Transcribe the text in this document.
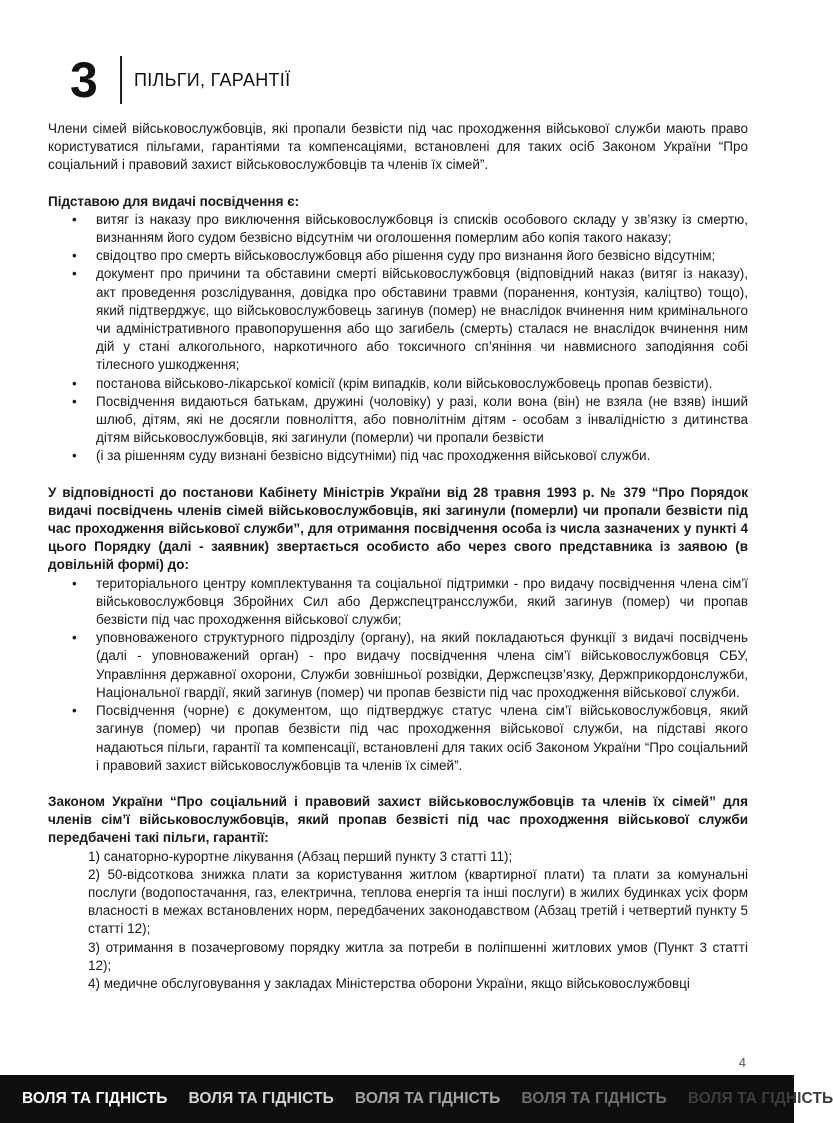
3	ПІЛЬГИ, ГАРАНТІЇ

Члени сімей військовослужбовців, які пропали безвісти під час проходження військової служби мають право користуватися пільгами, гарантіями та компенсаціями, встановлені для таких осіб Законом України “Про соціальний і правовий захист військовослужбовців та членів їх сімей”.

Підставою для видачі посвідчення є:

• витяг із наказу про виключення військовослужбовця із списків особового складу у зв’язку із смертю, визнанням його судом безвісно відсутнім чи оголошення померлим або копія такого наказу;
• свідоцтво про смерть військовослужбовця або рішення суду про визнання його безвісно відсутнім;
• документ про причини та обставини смерті військовослужбовця (відповідний наказ (витяг із наказу), акт проведення розслідування, довідка про обставини травми (поранення, контузія, каліцтво) тощо), який підтверджує, що військовослужбовець загинув (помер) не внаслідок вчинення ним кримінального чи адміністративного правопорушення або що загибель (смерть) сталася не внаслідок вчинення ним дій у стані алкогольного, наркотичного або токсичного сп’яніння чи навмисного заподіяння собі тілесного ушкодження;
• постанова військово-лікарської комісії (крім випадків, коли військовослужбовець пропав безвісти).
• Посвідчення видаються батькам, дружині (чоловіку) у разі, коли вона (він) не взяла (не взяв) інший шлюб, дітям, які не досягли повноліття, або повнолітнім дітям - особам з інвалідністю з дитинства дітям військовослужбовців, які загинули (померли) чи пропали безвісти
• (і за рішенням суду визнані безвісно відсутніми) під час проходження військової служби.

У відповідності до постанови Кабінету Міністрів України від 28 травня 1993 р. № 379 “Про Порядок видачі посвідчень членів сімей військовослужбовців, які загинули (померли) чи пропали безвісти під час проходження військової служби”, для отримання посвідчення особа із числа зазначених у пункті 4 цього Порядку (далі - заявник) звертається особисто або через свого представника із заявою (в довільній формі) до:

• територіального центру комплектування та соціальної підтримки - про видачу посвідчення члена сім’ї військовослужбовця Збройних Сил або Держспецтрансслужби, який загинув (помер) чи пропав безвісти під час проходження військової служби;
• уповноваженого структурного підрозділу (органу), на який покладаються функції з видачі посвідчень (далі - уповноважений орган) - про видачу посвідчення члена сім’ї військовослужбовця СБУ, Управління державної охорони, Служби зовнішньої розвідки, Держспецзв’язку, Держприкордонслужби, Національної гвардії, який загинув (помер) чи пропав безвісти під час проходження військової служби.
• Посвідчення (чорне) є документом, що підтверджує статус члена сім’ї військовослужбовця, який загинув (помер) чи пропав безвісти під час проходження військової служби, на підставі якого надаються пільги, гарантії та компенсації, встановлені для таких осіб Законом України “Про соціальний і правовий захист військовослужбовців та членів їх сімей”.

Законом України “Про соціальний і правовий захист військовослужбовців та членів їх сімей” для членів сім’ї військовослужбовців, який пропав безвісті під час проходження військової служби передбачені такі пільги, гарантії:

1) санаторно-курортне лікування (Абзац перший пункту 3 статті 11);
2) 50-відсоткова знижка плати за користування житлом (квартирної плати) та плати за комунальні послуги (водопостачання, газ, електрична, теплова енергія та інші послуги) в жилих будинках усіх форм власності в межах встановлених норм, передбачених законодавством (Абзац третій і четвертий пункту 5 статті 12);
3) отримання в позачерговому порядку житла за потреби в поліпшенні житлових умов (Пункт 3 статті 12);
4) медичне обслуговування у закладах Міністерства оборони України, якщо військовослужбовці
4
ВОЛЯ ТА ГІДНІСТЬ ВОЛЯ ТА ГІДНІСТЬ ВОЛЯ ТА ГІДНІСТЬ ВОЛЯ ТА ГІДНІСТЬ ВОЛЯ ТА ГІДНІСТЬ
